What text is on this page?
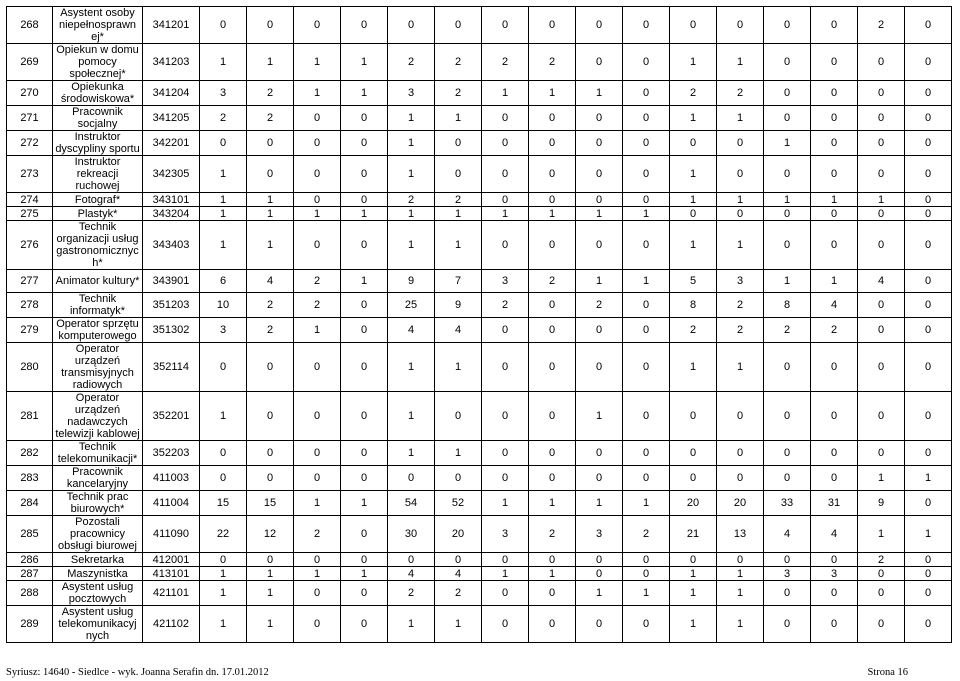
268	Asystent osoby niepełnosprawn ej*	341201	0	0	0	0	0	0	0	0	0	0	0	0	0	0	2	0
269	Opiekun w domu pomocy społecznej*	341203	1	1	1	1	2	2	2	2	0	0	1	1	0	0	0	0
270	Opiekunka środowiskowa*	341204	3	2	1	1	3	2	1	1	1	0	2	2	0	0	0	0
271	Pracownik socjalny	341205	2	2	0	0	1	1	0	0	0	0	1	1	0	0	0	0
272	Instruktor dyscypliny sportu	342201	0	0	0	0	1	0	0	0	0	0	0	0	1	0	0	0
273	Instruktor rekreacji ruchowej	342305	1	0	0	0	1	0	0	0	0	0	1	0	0	0	0	0
274	Fotograf*	343101	1	1	0	0	2	2	0	0	0	0	1	1	1	1	1	0
275	Plastyk*	343204	1	1	1	1	1	1	1	1	1	1	0	0	0	0	0	0
276	Technik organizacji usług gastronomicznyc h*	343403	1	1	0	0	1	1	0	0	0	0	1	1	0	0	0	0
277	Animator kultury*	343901	6	4	2	1	9	7	3	2	1	1	5	3	1	1	4	0
278	Technik informatyk*	351203	10	2	2	0	25	9	2	0	2	0	8	2	8	4	0	0
279	Operator sprzętu komputerowego	351302	3	2	1	0	4	4	0	0	0	0	2	2	2	2	0	0
280	Operator urządzeń transmisyjnych radiowych	352114	0	0	0	0	1	1	0	0	0	0	1	1	0	0	0	0
281	Operator urządzeń nadawczych telewizji kablowej	352201	1	0	0	0	1	0	0	0	1	0	0	0	0	0	0	0
282	Technik telekomunikacji*	352203	0	0	0	0	1	1	0	0	0	0	0	0	0	0	0	0
283	Pracownik kancelaryjny	411003	0	0	0	0	0	0	0	0	0	0	0	0	0	0	1	1
284	Technik prac biurowych*	411004	15	15	1	1	54	52	1	1	1	1	20	20	33	31	9	0
285	Pozostali pracownicy obsługi biurowej	411090	22	12	2	0	30	20	3	2	3	2	21	13	4	4	1	1
286	Sekretarka	412001	0	0	0	0	0	0	0	0	0	0	0	0	0	0	2	0
287	Maszynistka	413101	1	1	1	1	4	4	1	1	0	0	1	1	3	3	0	0
288	Asystent usług pocztowych	421101	1	1	0	0	2	2	0	0	1	1	1	1	0	0	0	0
289	Asystent usług telekomunikacyj nych	421102	1	1	0	0	1	1	0	0	0	0	1	1	0	0	0	0
Syriusz: 14640 - Siedlce - wyk. Joanna Serafin dn. 17.01.2012	Strona 16
